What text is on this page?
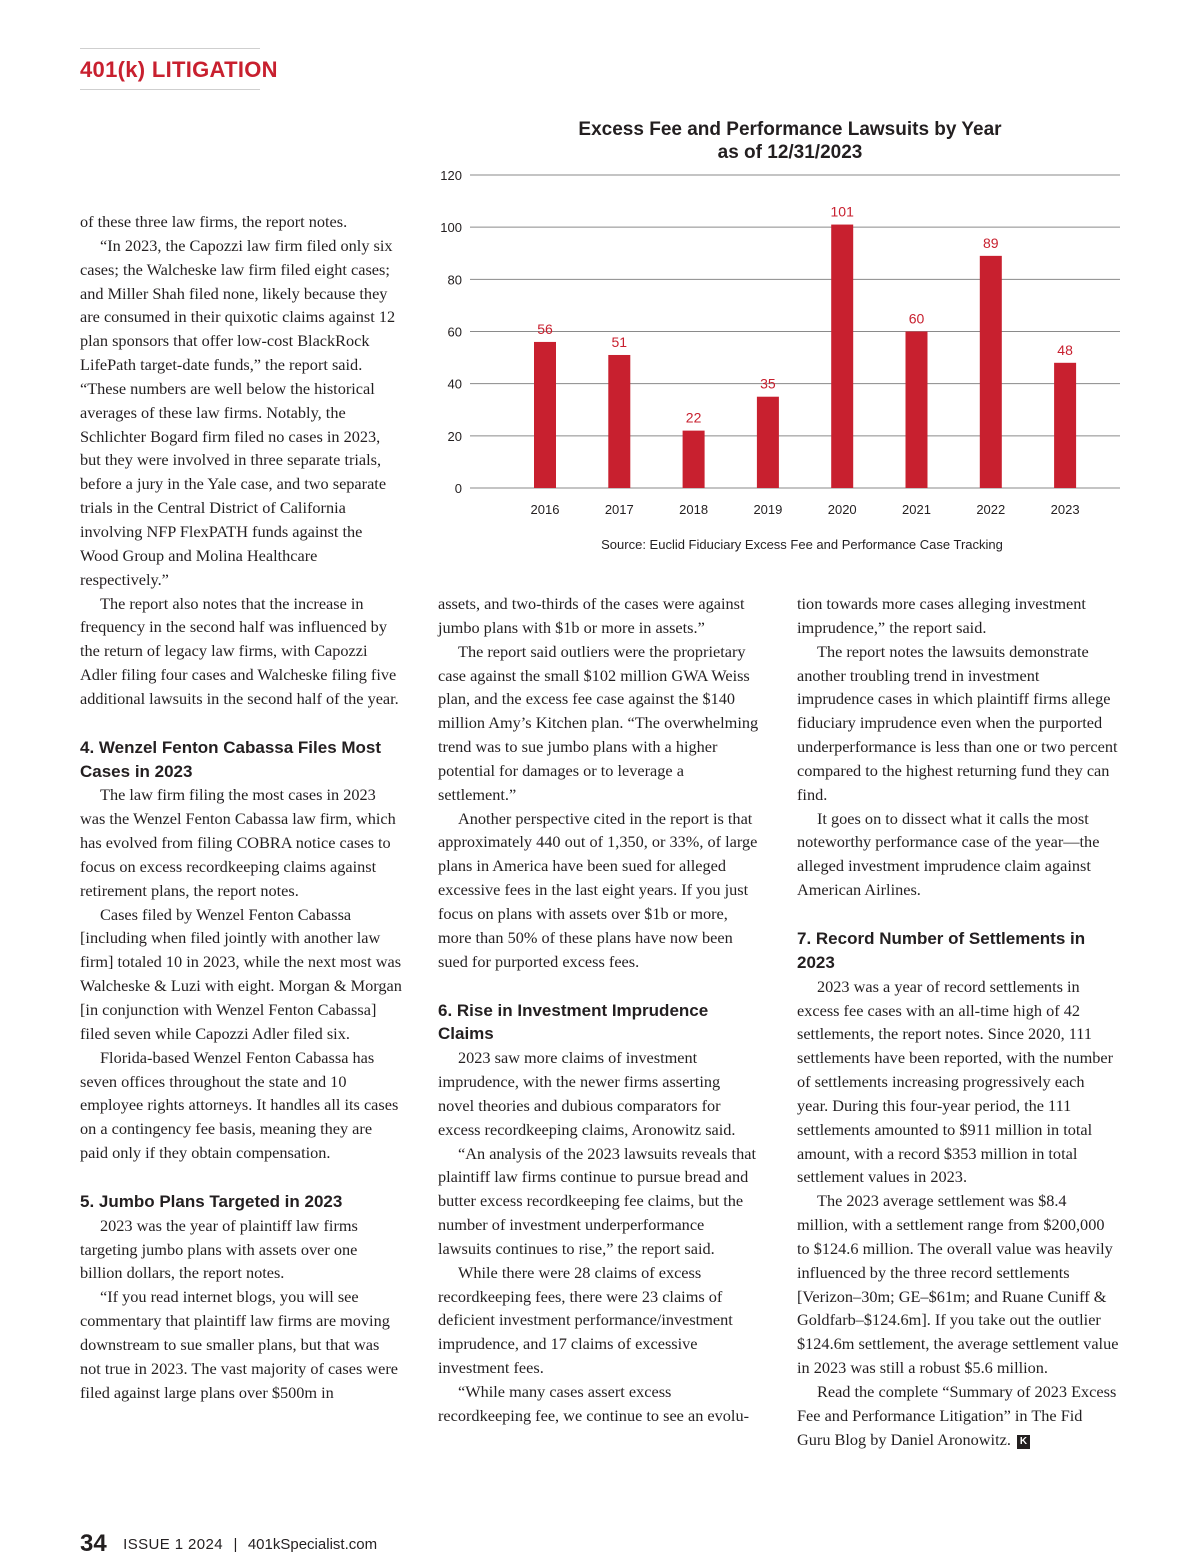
401(k) LITIGATION
Excess Fee and Performance Lawsuits by Year
as of 12/31/2023
0
20
40
60
80
100
120
56
2016
51
2017
22
2018
35
2019
101
2020
60
2021
89
2022
48
2023
Source: Euclid Fiduciary Excess Fee and Performance Case Tracking

of these three law firms, the report notes.

“In 2023, the Capozzi law firm filed only six cases; the Walcheske law firm filed eight cases; and Miller Shah filed none, likely because they are consumed in their quixotic claims against 12 plan sponsors that offer low-cost BlackRock LifePath target-date funds,” the report said. “These numbers are well below the historical averages of these law firms. Notably, the Schlichter Bogard firm filed no cases in 2023, but they were involved in three separate trials, before a jury in the Yale case, and two separate trials in the Central District of California involving NFP FlexPATH funds against the Wood Group and Molina Healthcare respectively.”

The report also notes that the increase in frequency in the second half was influenced by the return of legacy law firms, with Capozzi Adler filing four cases and Walcheske filing five additional lawsuits in the second half of the year.

4. Wenzel Fenton Cabassa Files Most Cases in 2023

The law firm filing the most cases in 2023 was the Wenzel Fenton Cabassa law firm, which has evolved from filing COBRA notice cases to focus on excess recordkeeping claims against retirement plans, the report notes.

Cases filed by Wenzel Fenton Cabassa [including when filed jointly with another law firm] totaled 10 in 2023, while the next most was Walcheske & Luzi with eight. Morgan & Morgan [in conjunction with Wenzel Fenton Cabassa] filed seven while Capozzi Adler filed six.

Florida-based Wenzel Fenton Cabassa has seven offices throughout the state and 10 employee rights attorneys. It handles all its cases on a contingency fee basis, meaning they are paid only if they obtain compensation.

5. Jumbo Plans Targeted in 2023

2023 was the year of plaintiff law firms targeting jumbo plans with assets over one billion dollars, the report notes.

“If you read internet blogs, you will see commentary that plaintiff law firms are moving downstream to sue smaller plans, but that was not true in 2023. The vast majority of cases were filed against large plans over $500m in

assets, and two-thirds of the cases were against jumbo plans with $1b or more in assets.”

The report said outliers were the proprietary case against the small $102 million GWA Weiss plan, and the excess fee case against the $140 million Amy’s Kitchen plan. “The overwhelming trend was to sue jumbo plans with a higher potential for damages or to leverage a settlement.”

Another perspective cited in the report is that approximately 440 out of 1,350, or 33%, of large plans in America have been sued for alleged excessive fees in the last eight years. If you just focus on plans with assets over $1b or more, more than 50% of these plans have now been sued for purported excess fees.

6. Rise in Investment Imprudence Claims

2023 saw more claims of investment imprudence, with the newer firms asserting novel theories and dubious comparators for excess recordkeeping claims, Aronowitz said.

“An analysis of the 2023 lawsuits reveals that plaintiff law firms continue to pursue bread and butter excess recordkeeping fee claims, but the number of investment underperformance lawsuits continues to rise,” the report said.

While there were 28 claims of excess recordkeeping fees, there were 23 claims of deficient investment performance/investment imprudence, and 17 claims of excessive investment fees.

“While many cases assert excess recordkeeping fee, we continue to see an evolu-

tion towards more cases alleging investment imprudence,” the report said.

The report notes the lawsuits demonstrate another troubling trend in investment imprudence cases in which plaintiff firms allege fiduciary imprudence even when the purported underperformance is less than one or two percent compared to the highest returning fund they can find.

It goes on to dissect what it calls the most noteworthy performance case of the year—the alleged investment imprudence claim against American Airlines.

7. Record Number of Settlements in 2023

2023 was a year of record settlements in excess fee cases with an all-time high of 42 settlements, the report notes. Since 2020, 111 settlements have been reported, with the number of settlements increasing progressively each year. During this four-year period, the 111 settlements amounted to $911 million in total amount, with a record $353 million in total settlement values in 2023.

The 2023 average settlement was $8.4 million, with a settlement range from $200,000 to $124.6 million. The overall value was heavily influenced by the three record settlements [Verizon–30m; GE–$61m; and Ruane Cuniff & Goldfarb–$124.6m]. If you take out the outlier $124.6m settlement, the average settlement value in 2023 was still a robust $5.6 million.

Read the complete “Summary of 2023 Excess Fee and Performance Litigation” in The Fid Guru Blog by Daniel Aronowitz. K

34 ISSUE 1 2024 | 401kSpecialist.com
